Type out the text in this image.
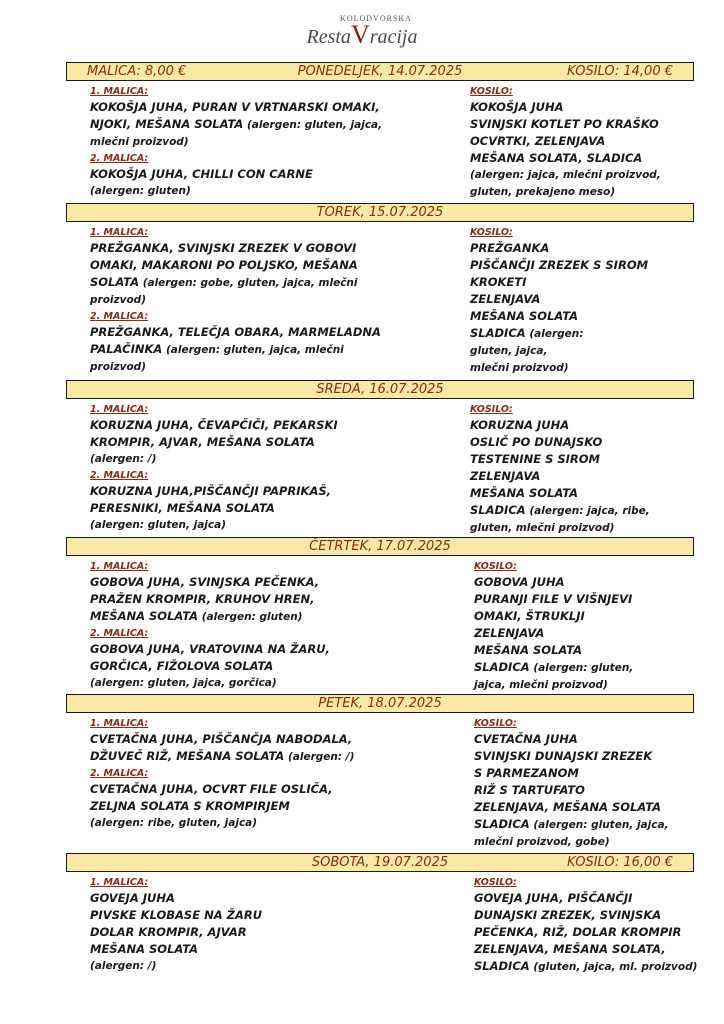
KOLODVORSKA
RestaVracija
PONEDELJEK, 14.07.2025
MALICA: 8,00 €	KOSILO: 14,00 €
1. MALICA:
KOKOŠJA JUHA, PURAN V VRTNARSKI OMAKI,
NJOKI, MEŠANA SOLATA (alergen: gluten, jajca,
mlečni proizvod)
2. MALICA:
KOKOŠJA JUHA, CHILLI CON CARNE
(alergen: gluten)
KOSILO:
KOKOŠJA JUHA
SVINJSKI KOTLET PO KRAŠKO
OCVRTKI, ZELENJAVA
MEŠANA SOLATA, SLADICA
(alergen: jajca, mlečni proizvod,
gluten, prekajeno meso)
TOREK, 15.07.2025
1. MALICA:
PREŽGANKA, SVINJSKI ZREZEK V GOBOVI
OMAKI, MAKARONI PO POLJSKO, MEŠANA
SOLATA (alergen: gobe, gluten, jajca, mlečni
proizvod)
2. MALICA:
PREŽGANKA, TELEČJA OBARA, MARMELADNA
PALAČINKA (alergen: gluten, jajca, mlečni
proizvod)
KOSILO:
PREŽGANKA
PIŠČANČJI ZREZEK S SIROM
KROKETI
ZELENJAVA
MEŠANA SOLATA
SLADICA (alergen:
gluten, jajca,
mlečni proizvod)
SREDA, 16.07.2025
1. MALICA:
KORUZNA JUHA, ČEVAPČIČI, PEKARSKI
KROMPIR, AJVAR, MEŠANA SOLATA
(alergen: /)
2. MALICA:
KORUZNA JUHA,PIŠČANČJI PAPRIKAŠ,
PERESNIKI, MEŠANA SOLATA
(alergen: gluten, jajca)
KOSILO:
KORUZNA JUHA
OSLIČ PO DUNAJSKO
TESTENINE S SIROM
ZELENJAVA
MEŠANA SOLATA
SLADICA (alergen: jajca, ribe,
gluten, mlečni proizvod)
ČETRTEK, 17.07.2025
1. MALICA:
GOBOVA JUHA, SVINJSKA PEČENKA,
PRAŽEN KROMPIR, KRUHOV HREN,
MEŠANA SOLATA (alergen: gluten)
2. MALICA:
GOBOVA JUHA, VRATOVINA NA ŽARU,
GORČICA, FIŽOLOVA SOLATA
(alergen: gluten, jajca, gorčica)
KOSILO:
GOBOVA JUHA
PURANJI FILE V VIŠNJEVI
OMAKI, ŠTRUKLJI
ZELENJAVA
MEŠANA SOLATA
SLADICA (alergen: gluten,
jajca, mlečni proizvod)
PETEK, 18.07.2025
1. MALICA:
CVETAČNA JUHA, PIŠČANČJA NABODALA,
DŽUVEČ RIŽ, MEŠANA SOLATA (alergen: /)
2. MALICA:
CVETAČNA JUHA, OCVRT FILE OSLIČA,
ZELJNA SOLATA S KROMPIRJEM
(alergen: ribe, gluten, jajca)
KOSILO:
CVETAČNA JUHA
SVINJSKI DUNAJSKI ZREZEK
S PARMEZANOM
RIŽ S TARTUFATO
ZELENJAVA, MEŠANA SOLATA
SLADICA (alergen: gluten, jajca,
mlečni proizvod, gobe)
SOBOTA, 19.07.2025	KOSILO: 16,00 €
1. MALICA:
GOVEJA JUHA
PIVSKE KLOBASE NA ŽARU
DOLAR KROMPIR, AJVAR
MEŠANA SOLATA
(alergen: /)
KOSILO:
GOVEJA JUHA, PIŠČANČJI
DUNAJSKI ZREZEK, SVINJSKA
PEČENKA, RIŽ, DOLAR KROMPIR
ZELENJAVA, MEŠANA SOLATA,
SLADICA (gluten, jajca, ml. proizvod)
